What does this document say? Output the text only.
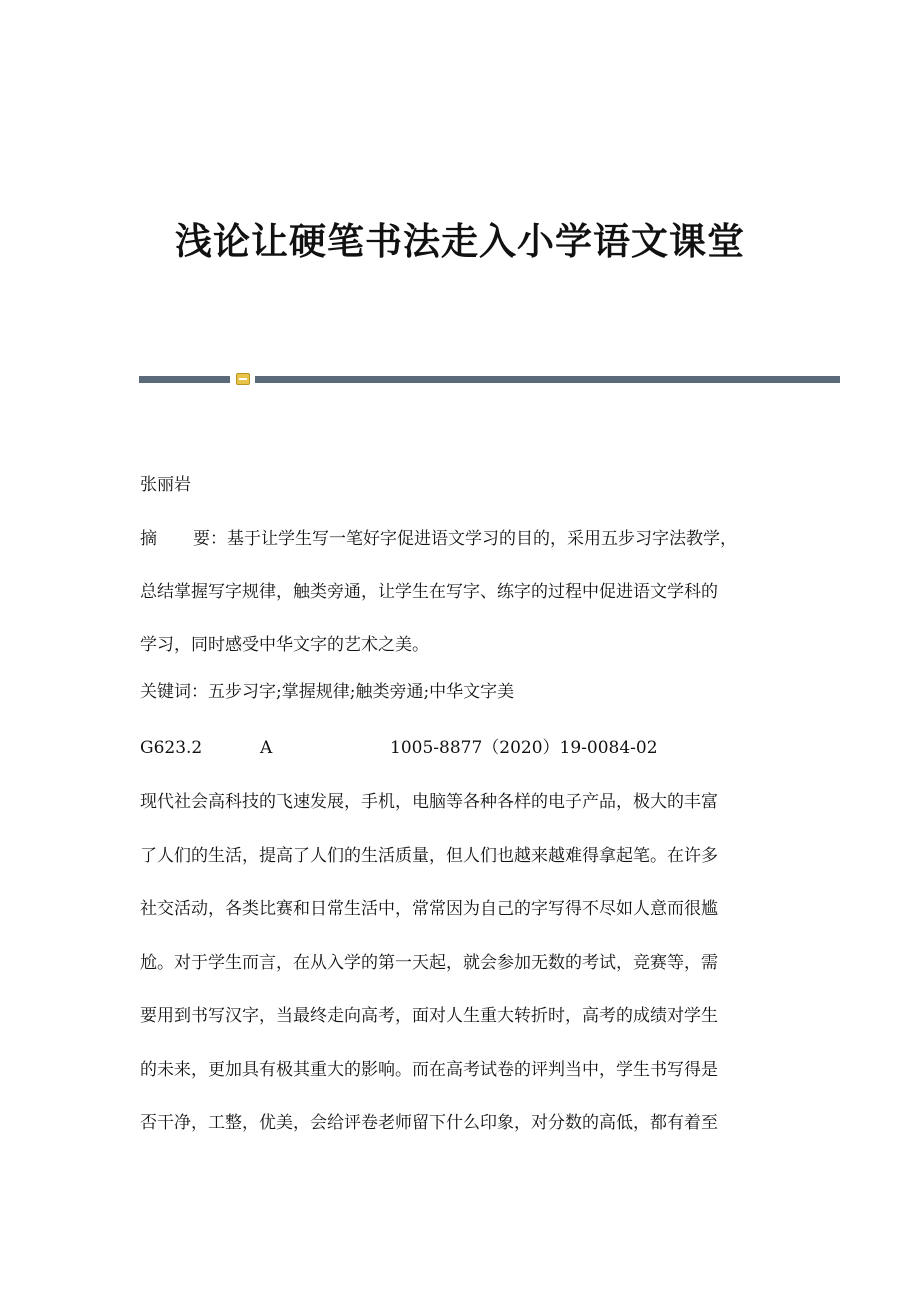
浅论让硬笔书法走入小学语文课堂
张丽岩
摘 要：基于让学生写一笔好字促进语文学习的目的，采用五步习字法教学，
总结掌握写字规律，触类旁通，让学生在写字、练字的过程中促进语文学科的
学习，同时感受中华文字的艺术之美。
关键词：五步习字;掌握规律;触类旁通;中华文字美
G623.2	A	1005-8877（2020）19-0084-02
现代社会高科技的飞速发展，手机，电脑等各种各样的电子产品，极大的丰富
了人们的生活，提高了人们的生活质量，但人们也越来越难得拿起笔。在许多
社交活动，各类比赛和日常生活中，常常因为自己的字写得不尽如人意而很尴
尬。对于学生而言，在从入学的第一天起，就会参加无数的考试，竞赛等，需
要用到书写汉字，当最终走向高考，面对人生重大转折时，高考的成绩对学生
的未来，更加具有极其重大的影响。而在高考试卷的评判当中，学生书写得是
否干净，工整，优美，会给评卷老师留下什么印象，对分数的高低，都有着至
